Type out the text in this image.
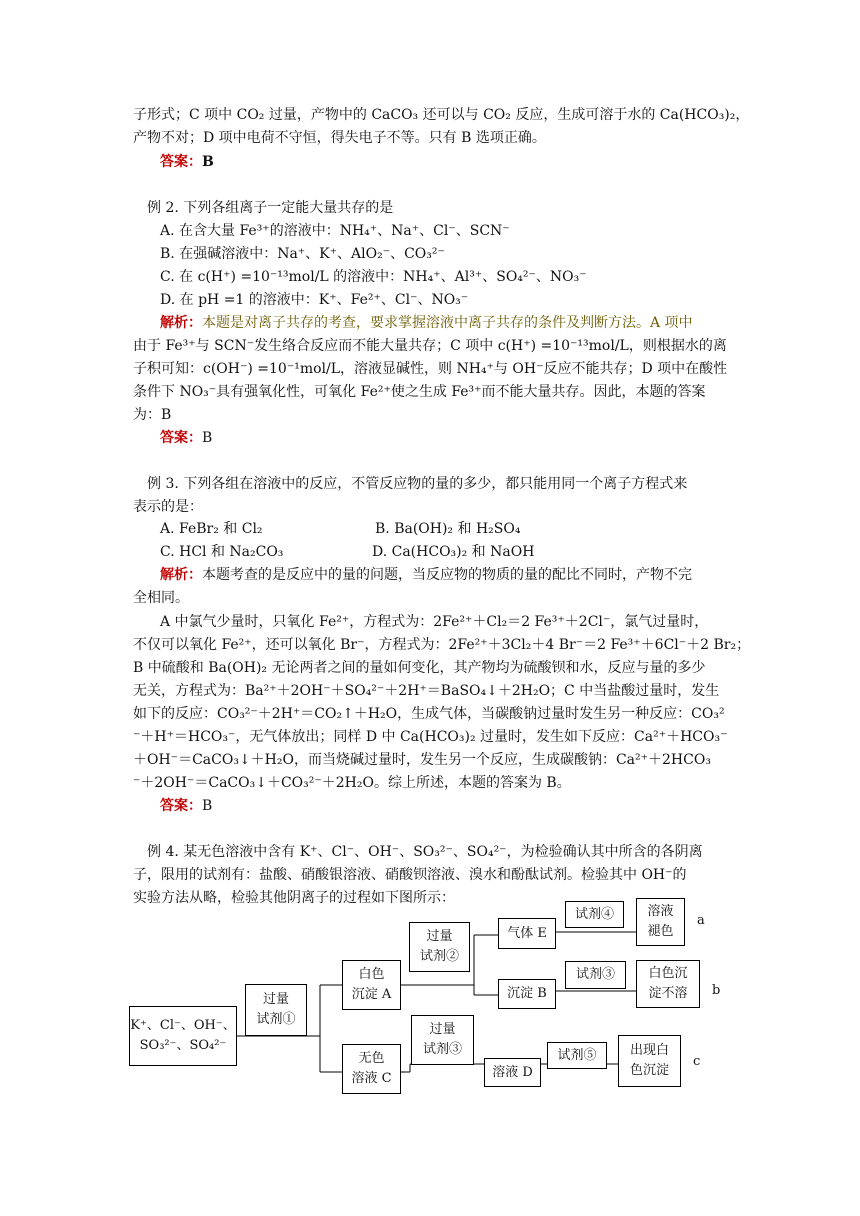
子形式；C 项中 CO₂ 过量，产物中的 CaCO₃ 还可以与 CO₂ 反应，生成可溶于水的 Ca(HCO₃)₂，

产物不对；D 项中电荷不守恒，得失电子不等。只有 B 选项正确。

答案：B

例 2. 下列各组离子一定能大量共存的是

A. 在含大量 Fe³⁺的溶液中：NH₄⁺、Na⁺、Cl⁻、SCN⁻

B. 在强碱溶液中：Na⁺、K⁺、AlO₂⁻、CO₃²⁻

C. 在 c(H⁺) =10⁻¹³mol/L 的溶液中：NH₄⁺、Al³⁺、SO₄²⁻、NO₃⁻

D. 在 pH =1 的溶液中：K⁺、Fe²⁺、Cl⁻、NO₃⁻

解析：本题是对离子共存的考查，要求掌握溶液中离子共存的条件及判断方法。A 项中

由于 Fe³⁺与 SCN⁻发生络合反应而不能大量共存；C 项中 c(H⁺) =10⁻¹³mol/L，则根据水的离

子积可知：c(OH⁻) =10⁻¹mol/L，溶液显碱性，则 NH₄⁺与 OH⁻反应不能共存；D 项中在酸性

条件下 NO₃⁻具有强氧化性，可氧化 Fe²⁺使之生成 Fe³⁺而不能大量共存。因此，本题的答案

为：B

答案：B

例 3. 下列各组在溶液中的反应，不管反应物的量的多少，都只能用同一个离子方程式来

表示的是：

A. FeBr₂ 和 Cl₂	B. Ba(OH)₂ 和 H₂SO₄

C. HCl 和 Na₂CO₃	D. Ca(HCO₃)₂ 和 NaOH

解析：本题考查的是反应中的量的问题，当反应物的物质的量的配比不同时，产物不完

全相同。

A 中氯气少量时，只氧化 Fe²⁺，方程式为：2Fe²⁺＋Cl₂＝2 Fe³⁺＋2Cl⁻，氯气过量时，

不仅可以氧化 Fe²⁺，还可以氧化 Br⁻，方程式为：2Fe²⁺＋3Cl₂＋4 Br⁻＝2 Fe³⁺＋6Cl⁻＋2 Br₂；

B 中硫酸和 Ba(OH)₂ 无论两者之间的量如何变化，其产物均为硫酸钡和水，反应与量的多少

无关，方程式为：Ba²⁺＋2OH⁻＋SO₄²⁻＋2H⁺＝BaSO₄↓＋2H₂O；C 中当盐酸过量时，发生

如下的反应：CO₃²⁻＋2H⁺＝CO₂↑＋H₂O，生成气体，当碳酸钠过量时发生另一种反应：CO₃²

⁻＋H⁺＝HCO₃⁻，无气体放出；同样 D 中 Ca(HCO₃)₂ 过量时，发生如下反应：Ca²⁺＋HCO₃⁻

＋OH⁻＝CaCO₃↓＋H₂O，而当烧碱过量时，发生另一个反应，生成碳酸钠：Ca²⁺＋2HCO₃

⁻＋2OH⁻＝CaCO₃↓＋CO₃²⁻＋2H₂O。综上所述，本题的答案为 B。

答案：B

例 4. 某无色溶液中含有 K⁺、Cl⁻、OH⁻、SO₃²⁻、SO₄²⁻，为检验确认其中所含的各阴离

子，限用的试剂有：盐酸、硝酸银溶液、硝酸钡溶液、溴水和酚酞试剂。检验其中 OH⁻的

实验方法从略，检验其他阴离子的过程如下图所示：

K⁺、Cl⁻、OH⁻、
SO₃²⁻、SO₄²⁻
过量
试剂①
白色
沉淀 A
无色
溶液 C
过量
试剂②
过量
试剂③
气体 E
沉淀 B
溶液 D
试剂④
试剂③
试剂⑤
溶液
褪色
白色沉
淀不溶
出现白
色沉淀
a
b
c
